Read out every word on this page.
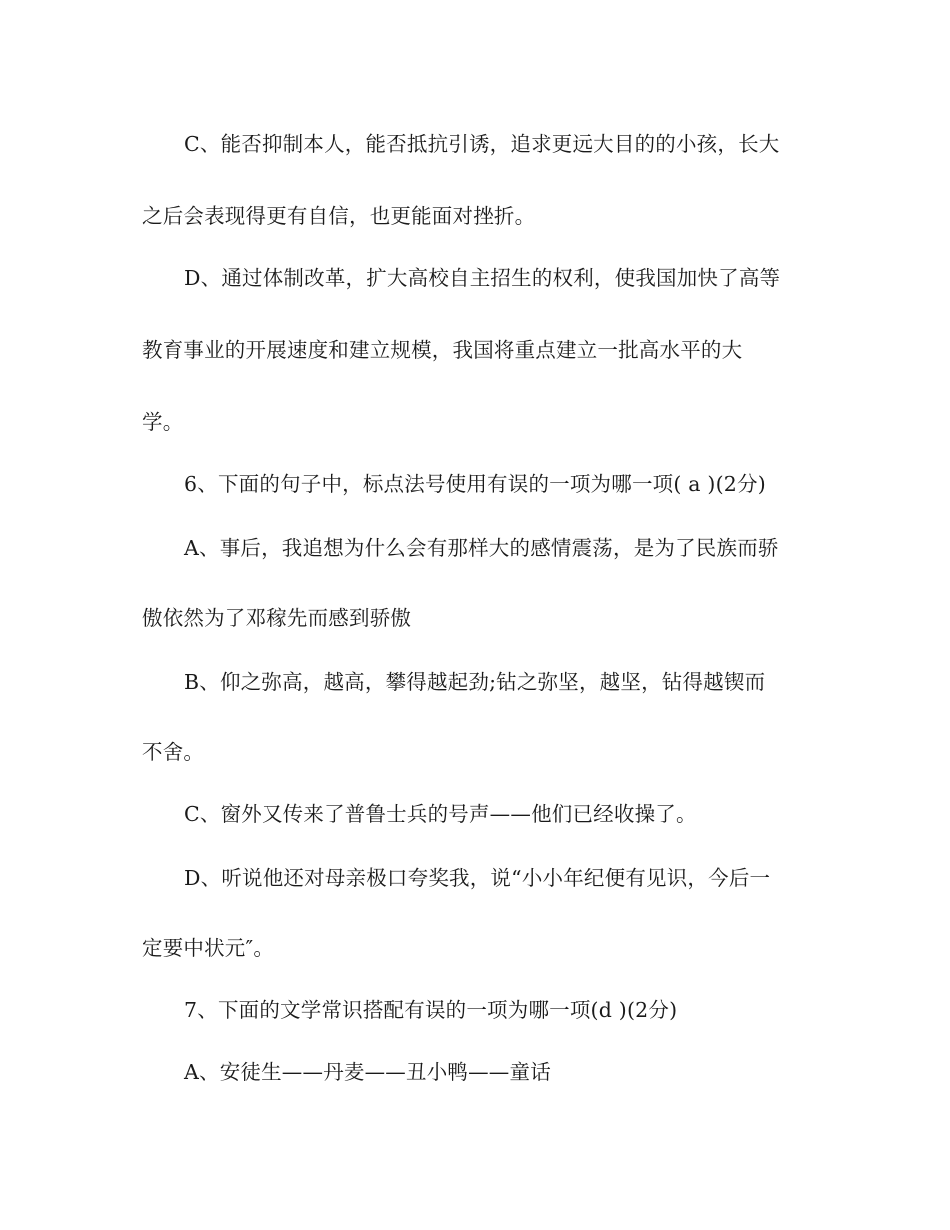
C、能否抑制本人，能否抵抗引诱，追求更远大目的的小孩，长大
之后会表现得更有自信，也更能面对挫折。
D、通过体制改革，扩大高校自主招生的权利，使我国加快了高等
教育事业的开展速度和建立规模，我国将重点建立一批高水平的大
学。
6、下面的句子中，标点法号使用有误的一项为哪一项( a )(2分)
A、事后，我追想为什么会有那样大的感情震荡，是为了民族而骄
傲依然为了邓稼先而感到骄傲
B、仰之弥高，越高，攀得越起劲;钻之弥坚，越坚，钻得越锲而
不舍。
C、窗外又传来了普鲁士兵的号声——他们已经收操了。
D、听说他还对母亲极口夸奖我，说“小小年纪便有见识，今后一
定要中状元″。
7、下面的文学常识搭配有误的一项为哪一项(d )(2分)
A、安徒生——丹麦——丑小鸭——童话
